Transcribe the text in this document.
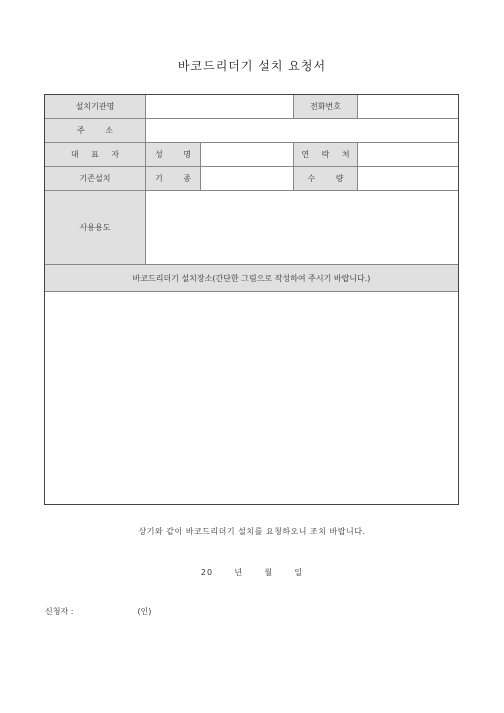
바코드리더기 설치 요청서
설치기관명	전화번호
주 소
대 표 자	성 명	연 락 처
기존설치	기 종	수 량
사용용도
바코드리더기 설치장소(간단한 그림으로 작성하여 주시기 바랍니다.)
상기와 같이 바코드리더기 설치를 요청하오니 조치 바랍니다.
20      년      월      일
신청자 :	(인)
